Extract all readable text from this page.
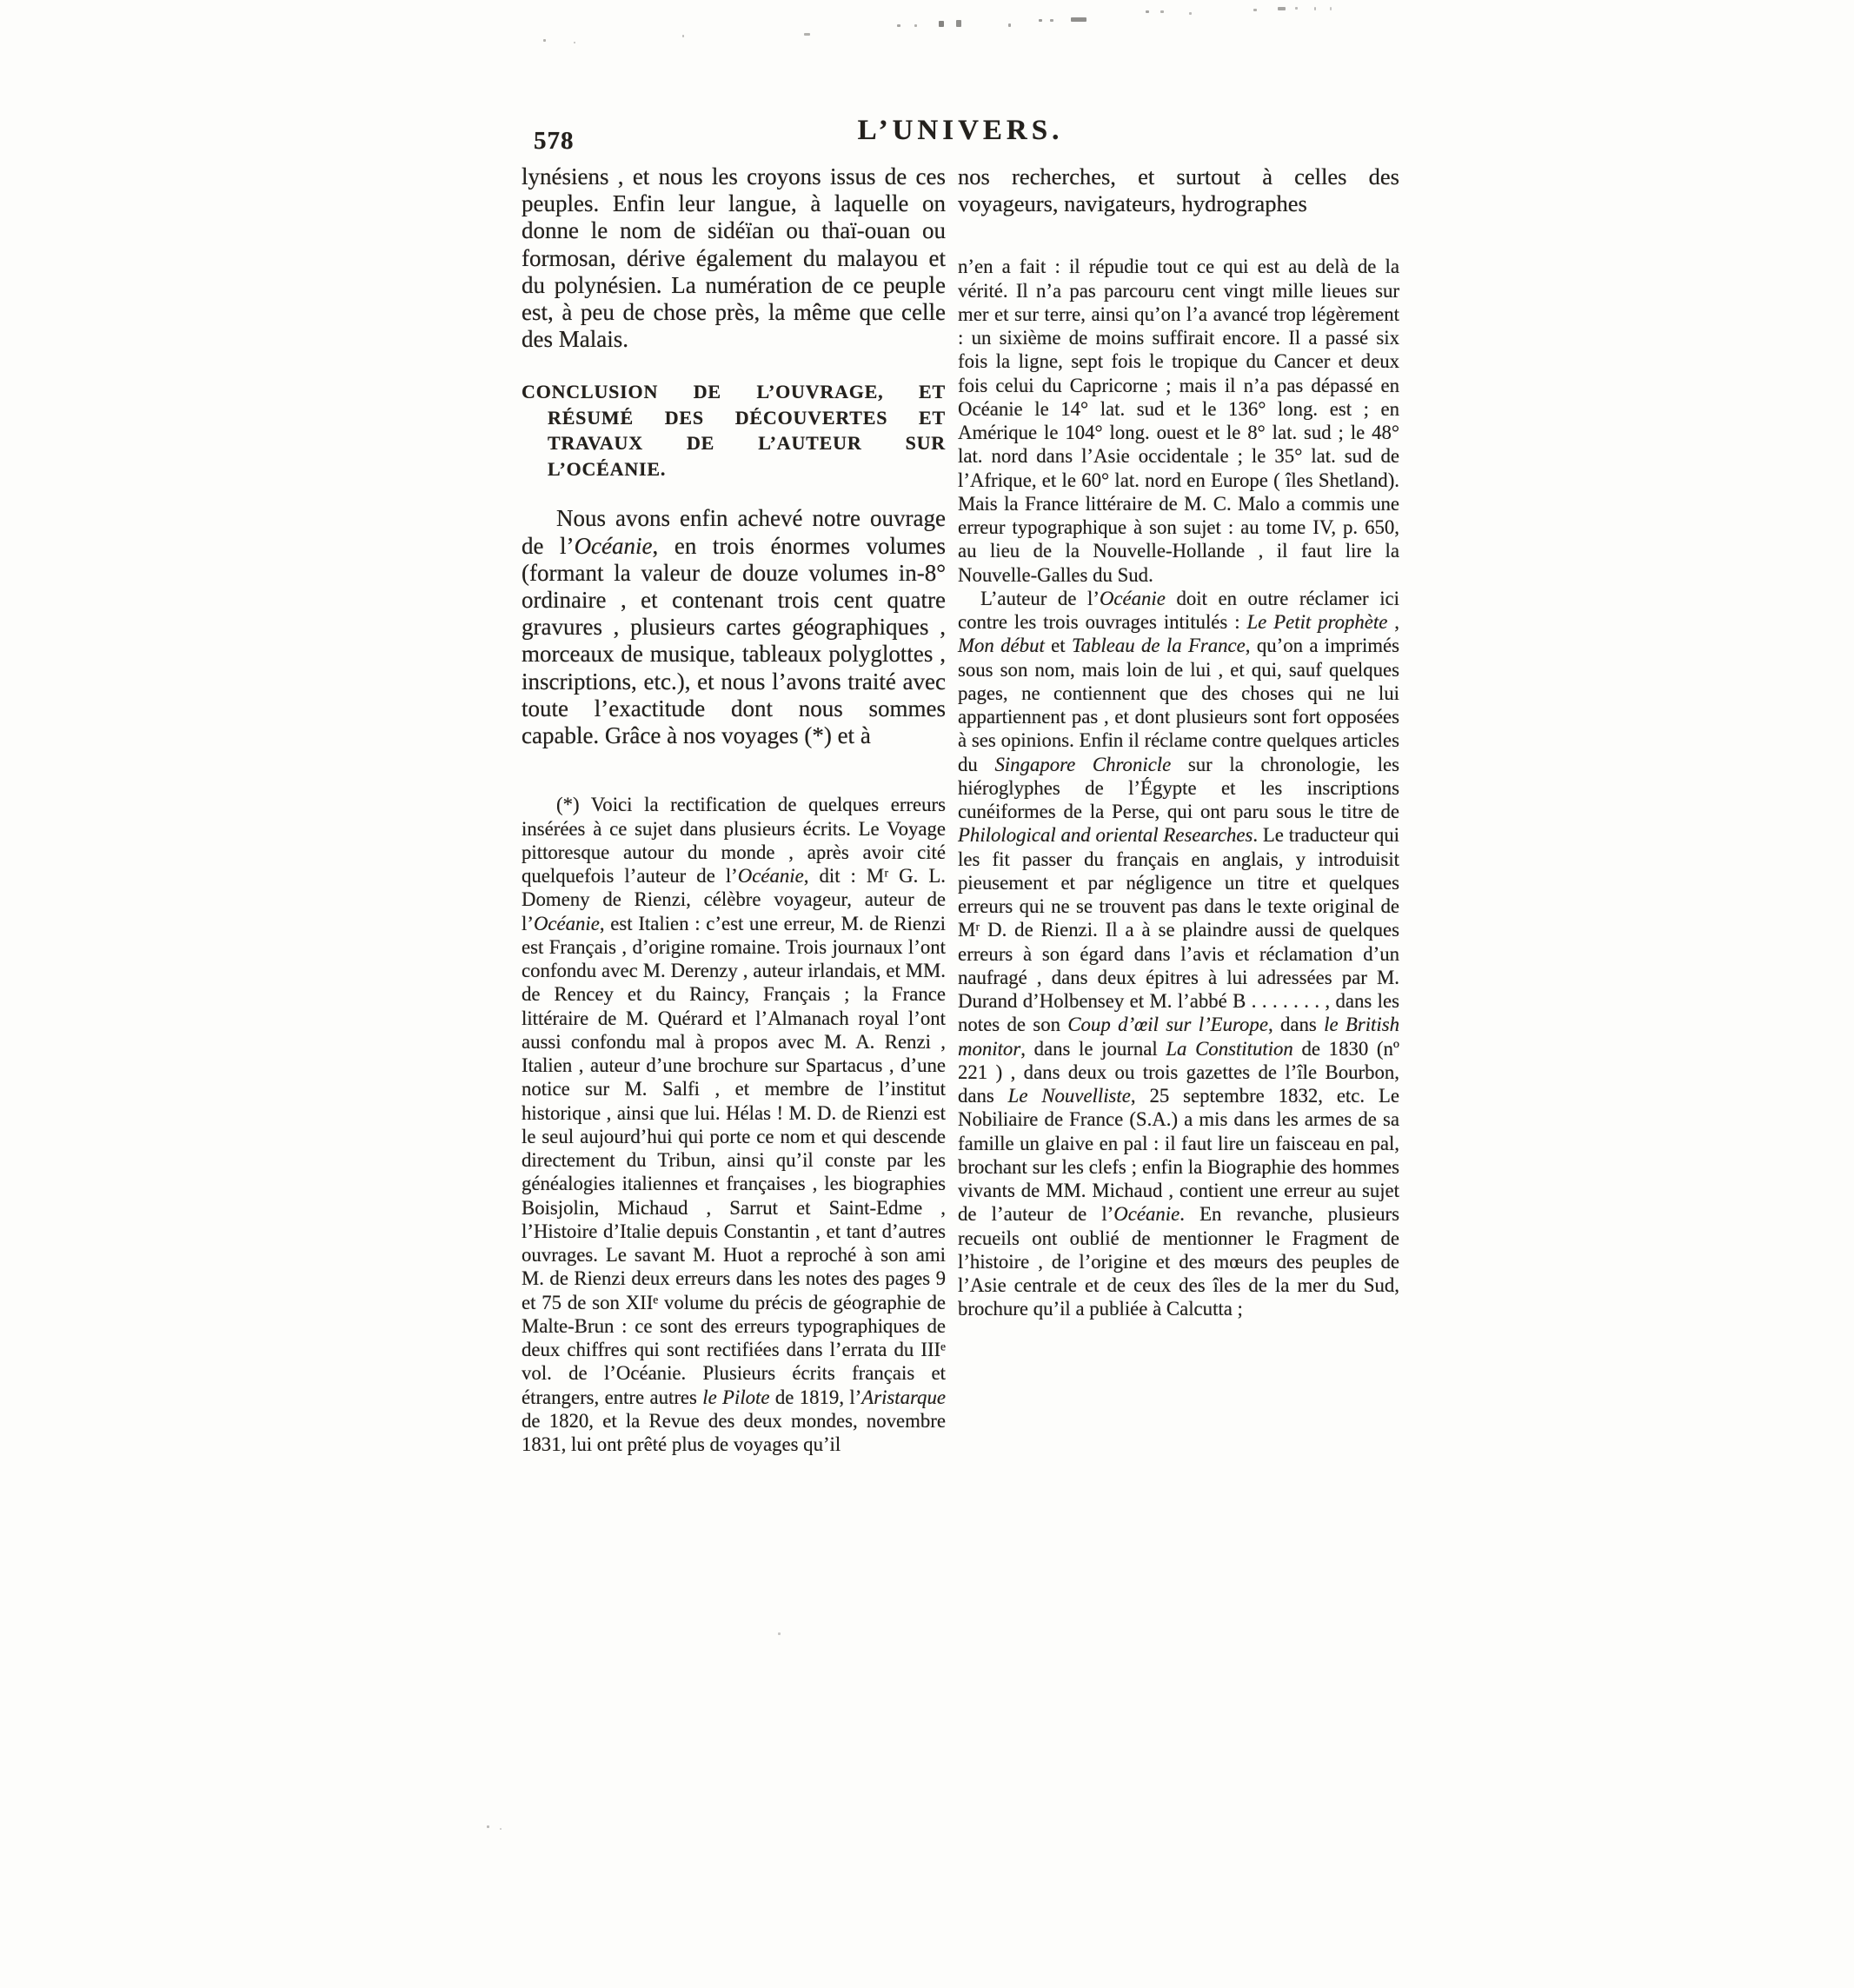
578	L’UNIVERS.

lynésiens , et nous les croyons issus de ces peuples. Enfin leur langue, à laquelle on donne le nom de sidéïan ou thaï-ouan ou formosan, dérive également du malayou et du polynésien. La numération de ce peuple est, à peu de chose près, la même que celle des Malais.

CONCLUSION DE L’OUVRAGE, ET RÉSUMÉ DES DÉCOUVERTES ET TRAVAUX DE L’AUTEUR SUR L’OCÉANIE.

Nous avons enfin achevé notre ouvrage de l’Océanie, en trois énormes volumes (formant la valeur de douze volumes in-8° ordinaire , et contenant trois cent quatre gravures , plusieurs cartes géographiques , morceaux de musique, tableaux polyglottes , inscriptions, etc.), et nous l’avons traité avec toute l’exactitude dont nous sommes capable. Grâce à nos voyages (*) et à

(*) Voici la rectification de quelques erreurs insérées à ce sujet dans plusieurs écrits. Le Voyage pittoresque autour du monde , après avoir cité quelquefois l’auteur de l’Océanie, dit : Mʳ G. L. Domeny de Rienzi, célèbre voyageur, auteur de l’Océanie, est Italien : c’est une erreur, M. de Rienzi est Français , d’origine romaine. Trois journaux l’ont confondu avec M. Derenzy , auteur irlandais, et MM. de Rencey et du Raincy, Français ; la France littéraire de M. Quérard et l’Almanach royal l’ont aussi confondu mal à propos avec M. A. Renzi , Italien , auteur d’une brochure sur Spartacus , d’une notice sur M. Salfi , et membre de l’institut historique , ainsi que lui. Hélas ! M. D. de Rienzi est le seul aujourd’hui qui porte ce nom et qui descende directement du Tribun, ainsi qu’il conste par les généalogies italiennes et françaises , les biographies Boisjolin, Michaud , Sarrut et Saint-Edme , l’Histoire d’Italie depuis Constantin , et tant d’autres ouvrages. Le savant M. Huot a reproché à son ami M. de Rienzi deux erreurs dans les notes des pages 9 et 75 de son XIIᵉ volume du précis de géographie de Malte-Brun : ce sont des erreurs typographiques de deux chiffres qui sont rectifiées dans l’errata du IIIᵉ vol. de l’Océanie. Plusieurs écrits français et étrangers, entre autres le Pilote de 1819, l’Aristarque de 1820, et la Revue des deux mondes, novembre 1831, lui ont prêté plus de voyages qu’il

nos recherches, et surtout à celles des voyageurs, navigateurs, hydrographes

n’en a fait : il répudie tout ce qui est au delà de la vérité. Il n’a pas parcouru cent vingt mille lieues sur mer et sur terre, ainsi qu’on l’a avancé trop légèrement : un sixième de moins suffirait encore. Il a passé six fois la ligne, sept fois le tropique du Cancer et deux fois celui du Capricorne ; mais il n’a pas dépassé en Océanie le 14° lat. sud et le 136° long. est ; en Amérique le 104° long. ouest et le 8° lat. sud ; le 48° lat. nord dans l’Asie occidentale ; le 35° lat. sud de l’Afrique, et le 60° lat. nord en Europe ( îles Shetland). Mais la France littéraire de M. C. Malo a commis une erreur typographique à son sujet : au tome IV, p. 650, au lieu de la Nouvelle-Hollande , il faut lire la Nouvelle-Galles du Sud.

L’auteur de l’Océanie doit en outre réclamer ici contre les trois ouvrages intitulés : Le Petit prophète , Mon début et Tableau de la France, qu’on a imprimés sous son nom, mais loin de lui , et qui, sauf quelques pages, ne contiennent que des choses qui ne lui appartiennent pas , et dont plusieurs sont fort opposées à ses opinions. Enfin il réclame contre quelques articles du Singapore Chronicle sur la chronologie, les hiéroglyphes de l’Égypte et les inscriptions cunéiformes de la Perse, qui ont paru sous le titre de Philological and oriental Researches. Le traducteur qui les fit passer du français en anglais, y introduisit pieusement et par négligence un titre et quelques erreurs qui ne se trouvent pas dans le texte original de Mʳ D. de Rienzi. Il a à se plaindre aussi de quelques erreurs à son égard dans l’avis et réclamation d’un naufragé , dans deux épitres à lui adressées par M. Durand d’Holbensey et M. l’abbé B . . . . . . . , dans les notes de son Coup d’œil sur l’Europe, dans le British monitor, dans le journal La Constitution de 1830 (nº 221 ) , dans deux ou trois gazettes de l’île Bourbon, dans Le Nouvelliste, 25 septembre 1832, etc. Le Nobiliaire de France (S.A.) a mis dans les armes de sa famille un glaive en pal : il faut lire un faisceau en pal, brochant sur les clefs ; enfin la Biographie des hommes vivants de MM. Michaud , contient une erreur au sujet de l’auteur de l’Océanie. En revanche, plusieurs recueils ont oublié de mentionner le Fragment de l’histoire , de l’origine et des mœurs des peuples de l’Asie centrale et de ceux des îles de la mer du Sud, brochure qu’il a publiée à Calcutta ;
